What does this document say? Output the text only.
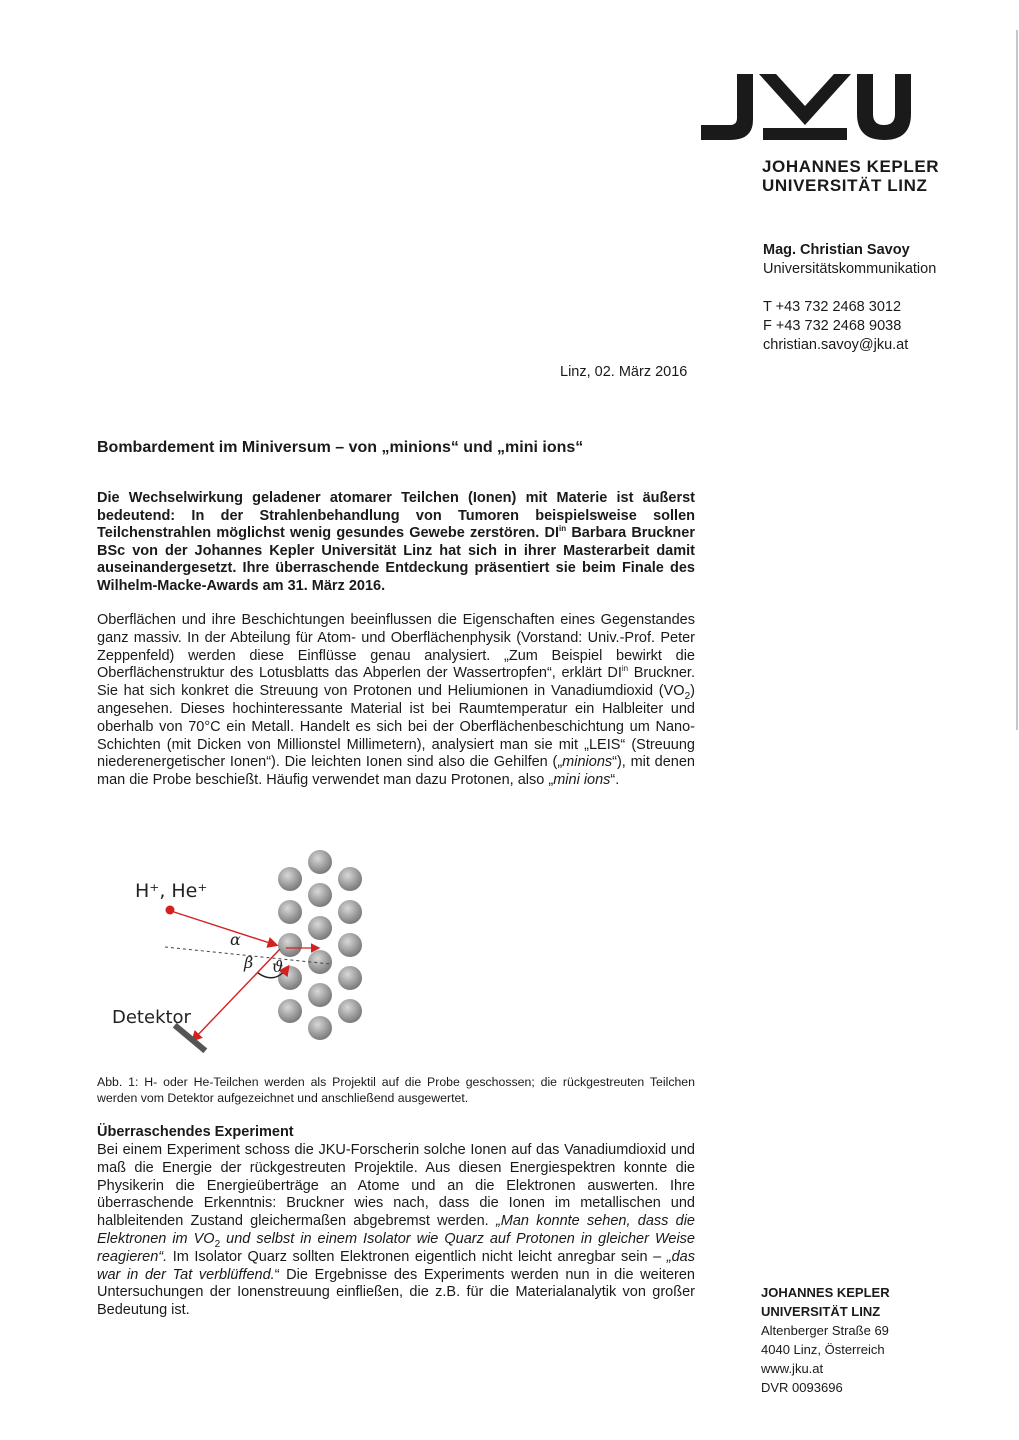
JOHANNES KEPLER
UNIVERSITÄT LINZ
Mag. Christian Savoy
Universitätskommunikation
T +43 732 2468 3012
F +43 732 2468 9038
christian.savoy@jku.at
Linz, 02. März 2016
Bombardement im Miniversum – von „minions“ und „mini ions“

Die Wechselwirkung geladener atomarer Teilchen (Ionen) mit Materie ist äußerst bedeutend: In der Strahlenbehandlung von Tumoren beispielsweise sollen Teilchenstrahlen möglichst wenig gesundes Gewebe zerstören. $DI^{in}$ Barbara Bruckner BSc von der Johannes Kepler Universität Linz hat sich in ihrer Masterarbeit damit auseinandergesetzt. Ihre überraschende Entdeckung präsentiert sie beim Finale des Wilhelm-Macke-Awards am 31. März 2016.

Oberflächen und ihre Beschichtungen beeinflussen die Eigenschaften eines Gegenstandes ganz massiv. In der Abteilung für Atom- und Oberflächenphysik (Vorstand: Univ.-Prof. Peter Zeppenfeld) werden diese Einflüsse genau analysiert. „Zum Beispiel bewirkt die Oberflächenstruktur des Lotusblatts das Abperlen der Wassertropfen“, erklärt $DI^{in}$ Bruckner. Sie hat sich konkret die Streuung von Protonen und Heliumionen in Vanadiumdioxid $(VO_2)$ angesehen. Dieses hochinteressante Material ist bei Raumtemperatur ein Halbleiter und oberhalb von 70°C ein Metall. Handelt es sich bei der Oberflächenbeschichtung um Nano-Schichten (mit Dicken von Millionstel Millimetern), analysiert man sie mit „LEIS“ (Streuung niederenergetischer Ionen“). Die leichten Ionen sind also die Gehilfen („minions“), mit denen man die Probe beschießt. Häufig verwendet man dazu Protonen, also „mini ions“.

H⁺, He⁺
Detektor
α
β ϑ

Abb. 1: H- oder He-Teilchen werden als Projektil auf die Probe geschossen; die rückgestreuten Teilchen werden vom Detektor aufgezeichnet und anschließend ausgewertet.

Überraschendes Experiment

Bei einem Experiment schoss die JKU-Forscherin solche Ionen auf das Vanadiumdioxid und maß die Energie der rückgestreuten Projektile. Aus diesen Energiespektren konnte die Physikerin die Energieüberträge an Atome und an die Elektronen auswerten. Ihre überraschende Erkenntnis: Bruckner wies nach, dass die Ionen im metallischen und halbleitenden Zustand gleichermaßen abgebremst werden. „Man konnte sehen, dass die Elektronen im $VO_2$ und selbst in einem Isolator wie Quarz auf Protonen in gleicher Weise reagieren“. Im Isolator Quarz sollten Elektronen eigentlich nicht leicht anregbar sein – „das war in der Tat verblüffend.“ Die Ergebnisse des Experiments werden nun in die weiteren Untersuchungen der Ionenstreuung einfließen, die z.B. für die Materialanalytik von großer Bedeutung ist.

JOHANNES KEPLER
UNIVERSITÄT LINZ
Altenberger Straße 69
4040 Linz, Österreich
www.jku.at
DVR 0093696
